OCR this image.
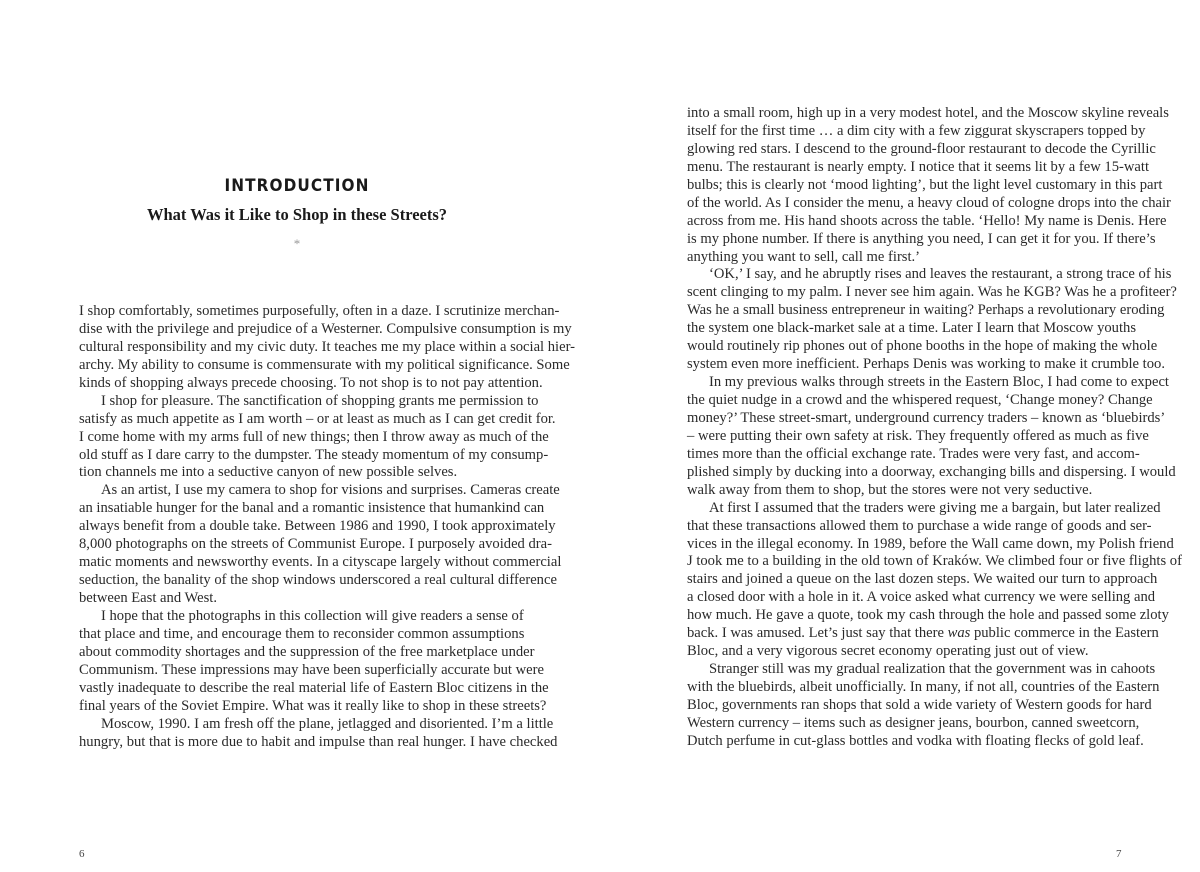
INTRODUCTION
What Was it Like to Shop in these Streets?
*
I shop comfortably, sometimes purposefully, often in a daze. I scrutinize merchan-
dise with the privilege and prejudice of a Westerner. Compulsive consumption is my
cultural responsibility and my civic duty. It teaches me my place within a social hier-
archy. My ability to consume is commensurate with my political significance. Some
kinds of shopping always precede choosing. To not shop is to not pay attention.
I shop for pleasure. The sanctification of shopping grants me permission to
satisfy as much appetite as I am worth – or at least as much as I can get credit for.
I come home with my arms full of new things; then I throw away as much of the
old stuff as I dare carry to the dumpster. The steady momentum of my consump-
tion channels me into a seductive canyon of new possible selves.
As an artist, I use my camera to shop for visions and surprises. Cameras create
an insatiable hunger for the banal and a romantic insistence that humankind can
always benefit from a double take. Between 1986 and 1990, I took approximately
8,000 photographs on the streets of Communist Europe. I purposely avoided dra-
matic moments and newsworthy events. In a cityscape largely without commercial
seduction, the banality of the shop windows underscored a real cultural difference
between East and West.
I hope that the photographs in this collection will give readers a sense of
that place and time, and encourage them to reconsider common assumptions
about commodity shortages and the suppression of the free marketplace under
Communism. These impressions may have been superficially accurate but were
vastly inadequate to describe the real material life of Eastern Bloc citizens in the
final years of the Soviet Empire. What was it really like to shop in these streets?
Moscow, 1990. I am fresh off the plane, jetlagged and disoriented. I’m a little
hungry, but that is more due to habit and impulse than real hunger. I have checked
6
into a small room, high up in a very modest hotel, and the Moscow skyline reveals
itself for the first time … a dim city with a few ziggurat skyscrapers topped by
glowing red stars. I descend to the ground-floor restaurant to decode the Cyrillic
menu. The restaurant is nearly empty. I notice that it seems lit by a few 15-watt
bulbs; this is clearly not ‘mood lighting’, but the light level customary in this part
of the world. As I consider the menu, a heavy cloud of cologne drops into the chair
across from me. His hand shoots across the table. ‘Hello! My name is Denis. Here
is my phone number. If there is anything you need, I can get it for you. If there’s
anything you want to sell, call me first.’
‘OK,’ I say, and he abruptly rises and leaves the restaurant, a strong trace of his
scent clinging to my palm. I never see him again. Was he KGB? Was he a profiteer?
Was he a small business entrepreneur in waiting? Perhaps a revolutionary eroding
the system one black-market sale at a time. Later I learn that Moscow youths
would routinely rip phones out of phone booths in the hope of making the whole
system even more inefficient. Perhaps Denis was working to make it crumble too.
In my previous walks through streets in the Eastern Bloc, I had come to expect
the quiet nudge in a crowd and the whispered request, ‘Change money? Change
money?’ These street-smart, underground currency traders – known as ‘bluebirds’
– were putting their own safety at risk. They frequently offered as much as five
times more than the official exchange rate. Trades were very fast, and accom-
plished simply by ducking into a doorway, exchanging bills and dispersing. I would
walk away from them to shop, but the stores were not very seductive.
At first I assumed that the traders were giving me a bargain, but later realized
that these transactions allowed them to purchase a wide range of goods and ser-
vices in the illegal economy. In 1989, before the Wall came down, my Polish friend
J took me to a building in the old town of Kraków. We climbed four or five flights of
stairs and joined a queue on the last dozen steps. We waited our turn to approach
a closed door with a hole in it. A voice asked what currency we were selling and
how much. He gave a quote, took my cash through the hole and passed some zloty
back. I was amused. Let’s just say that there was public commerce in the Eastern
Bloc, and a very vigorous secret economy operating just out of view.
Stranger still was my gradual realization that the government was in cahoots
with the bluebirds, albeit unofficially. In many, if not all, countries of the Eastern
Bloc, governments ran shops that sold a wide variety of Western goods for hard
Western currency – items such as designer jeans, bourbon, canned sweetcorn,
Dutch perfume in cut-glass bottles and vodka with floating flecks of gold leaf.
7
